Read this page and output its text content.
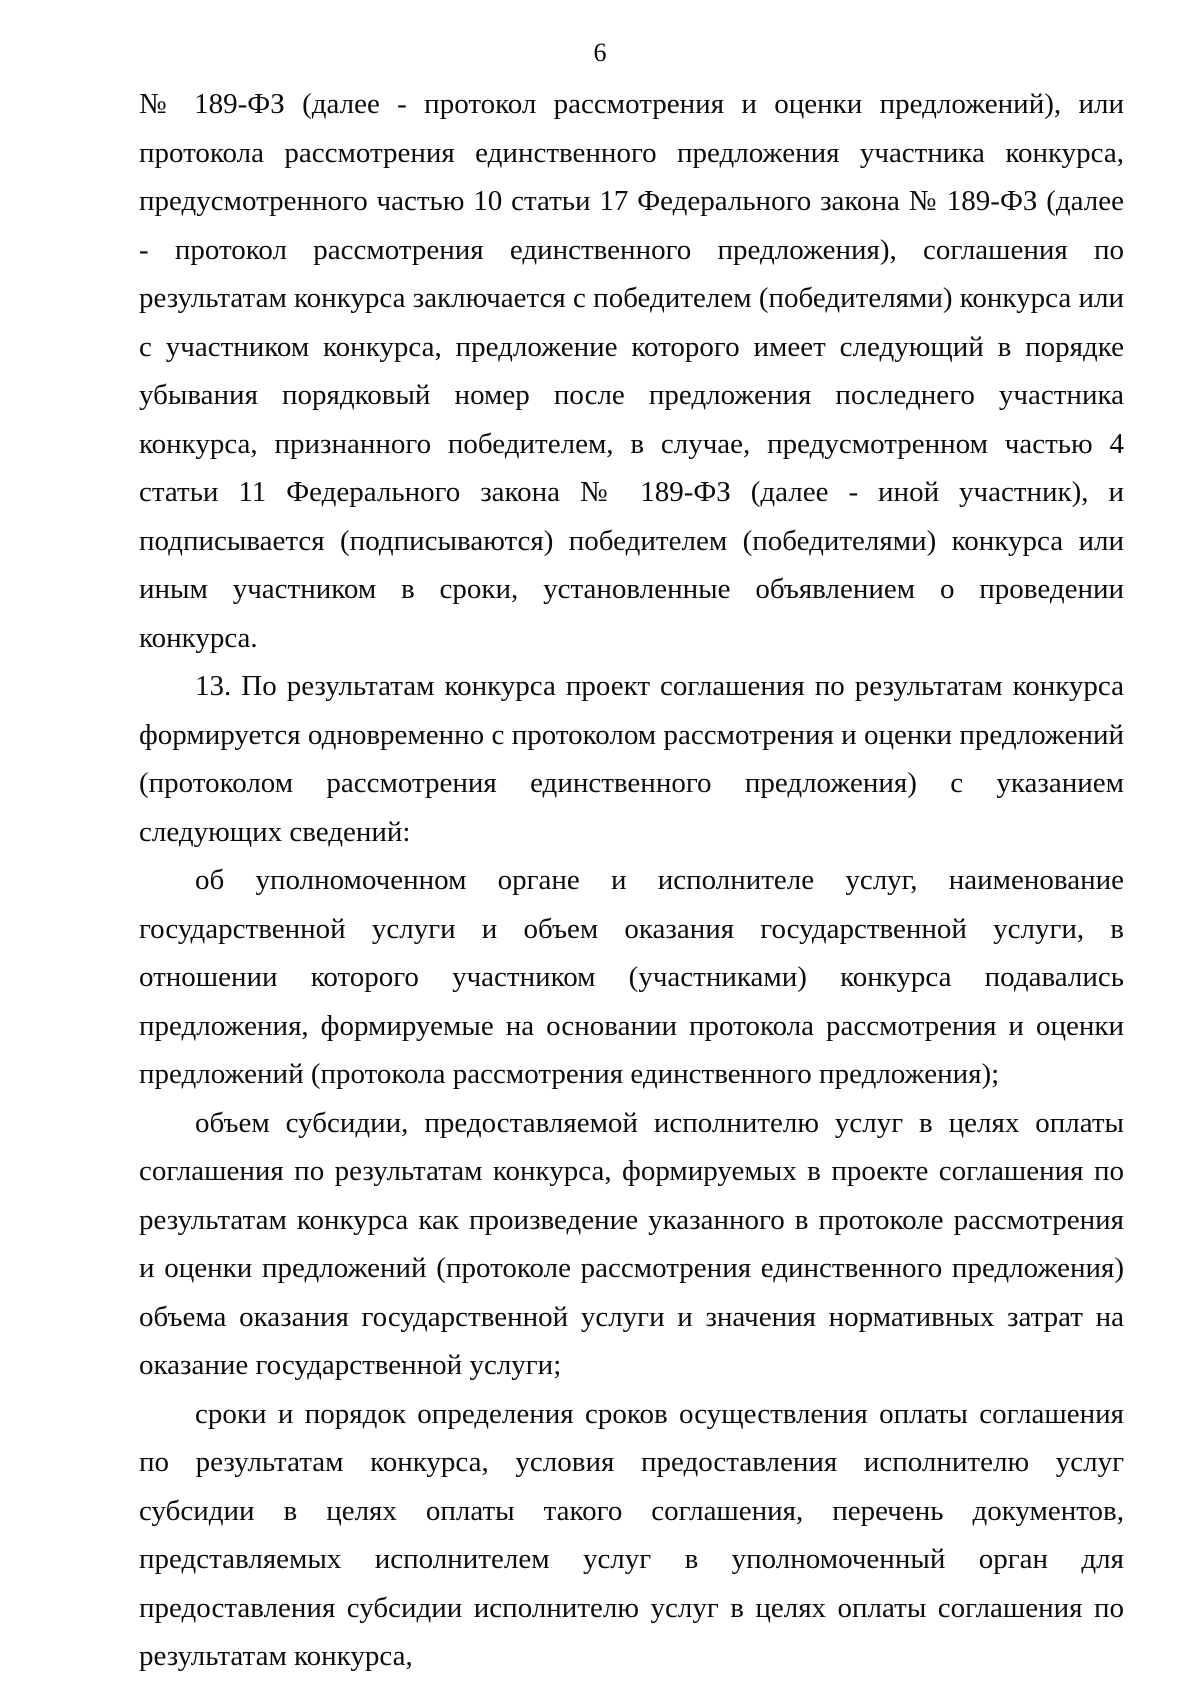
6

№ 189-ФЗ (далее - протокол рассмотрения и оценки предложений), или протокола рассмотрения единственного предложения участника конкурса, предусмотренного частью 10 статьи 17 Федерального закона № 189-ФЗ (далее - протокол рассмотрения единственного предложения), соглашения по результатам конкурса заключается с победителем (победителями) конкурса или с участником конкурса, предложение которого имеет следующий в порядке убывания порядковый номер после предложения последнего участника конкурса, признанного победителем, в случае, предусмотренном частью 4 статьи 11 Федерального закона № 189-ФЗ (далее - иной участник), и подписывается (подписываются) победителем (победителями) конкурса или иным участником в сроки, установленные объявлением о проведении конкурса.

13. По результатам конкурса проект соглашения по результатам конкурса формируется одновременно с протоколом рассмотрения и оценки предложений (протоколом рассмотрения единственного предложения) с указанием следующих сведений:

об уполномоченном органе и исполнителе услуг, наименование государственной услуги и объем оказания государственной услуги, в отношении которого участником (участниками) конкурса подавались предложения, формируемые на основании протокола рассмотрения и оценки предложений (протокола рассмотрения единственного предложения);

объем субсидии, предоставляемой исполнителю услуг в целях оплаты соглашения по результатам конкурса, формируемых в проекте соглашения по результатам конкурса как произведение указанного в протоколе рассмотрения и оценки предложений (протоколе рассмотрения единственного предложения) объема оказания государственной услуги и значения нормативных затрат на оказание государственной услуги;

сроки и порядок определения сроков осуществления оплаты соглашения по результатам конкурса, условия предоставления исполнителю услуг субсидии в целях оплаты такого соглашения, перечень документов, представляемых исполнителем услуг в уполномоченный орган для предоставления субсидии исполнителю услуг в целях оплаты соглашения по результатам конкурса,
